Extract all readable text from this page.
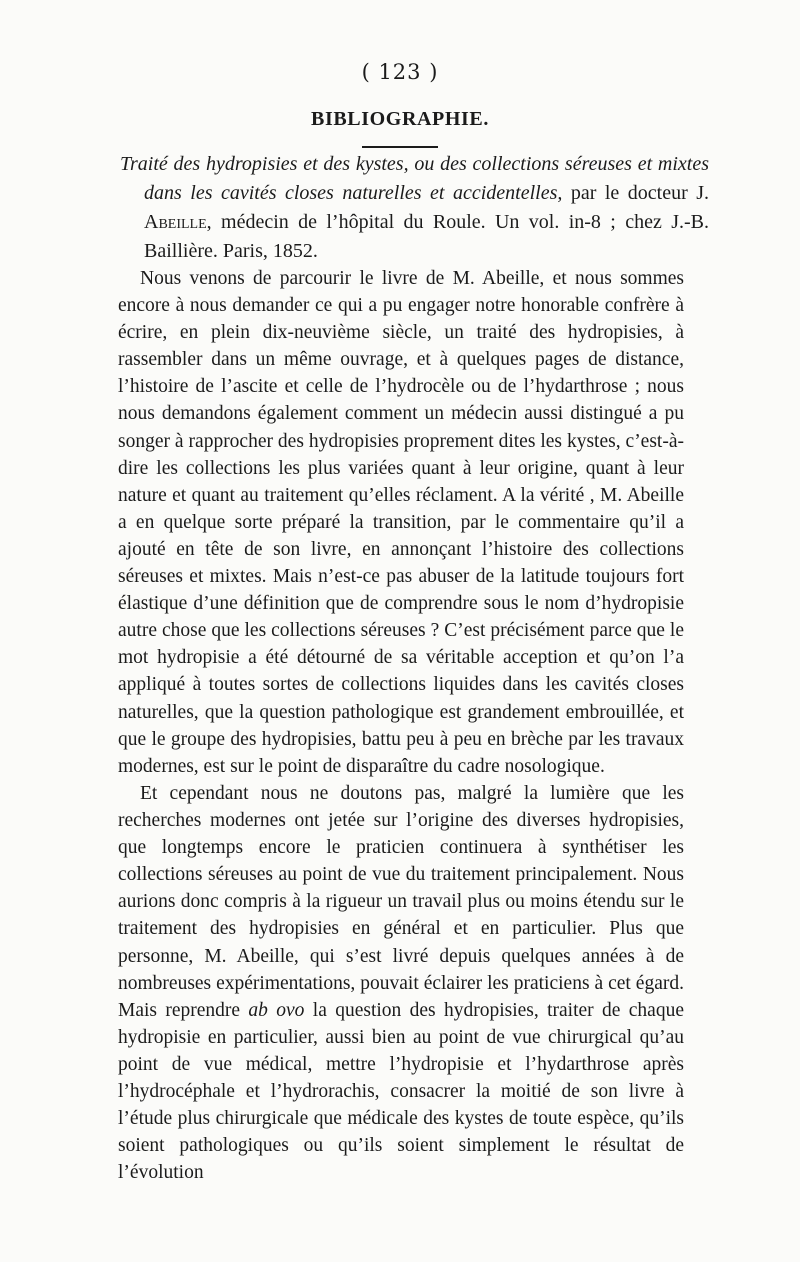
( 123 )
BIBLIOGRAPHIE.
Traité des hydropisies et des kystes, ou des collections séreuses et mixtes dans les cavités closes naturelles et accidentelles, par le docteur J. Abeille, médecin de l’hôpital du Roule. Un vol. in-8 ; chez J.-B. Baillière. Paris, 1852.

Nous venons de parcourir le livre de M. Abeille, et nous sommes encore à nous demander ce qui a pu engager notre honorable confrère à écrire, en plein dix-neuvième siècle, un traité des hydropisies, à rassembler dans un même ouvrage, et à quelques pages de distance, l’histoire de l’ascite et celle de l’hydrocèle ou de l’hydarthrose ; nous nous demandons également comment un médecin aussi distingué a pu songer à rapprocher des hydropisies proprement dites les kystes, c’est-à-dire les collections les plus variées quant à leur origine, quant à leur nature et quant au traitement qu’elles réclament. A la vérité , M. Abeille a en quelque sorte préparé la transition, par le commentaire qu’il a ajouté en tête de son livre, en annonçant l’histoire des collections séreuses et mixtes. Mais n’est-ce pas abuser de la latitude toujours fort élastique d’une définition que de comprendre sous le nom d’hydropisie autre chose que les collections séreuses ? C’est précisément parce que le mot hydropisie a été détourné de sa véritable acception et qu’on l’a appliqué à toutes sortes de collections liquides dans les cavités closes naturelles, que la question pathologique est grandement embrouillée, et que le groupe des hydropisies, battu peu à peu en brèche par les travaux modernes, est sur le point de disparaître du cadre nosologique.

Et cependant nous ne doutons pas, malgré la lumière que les recherches modernes ont jetée sur l’origine des diverses hydropisies, que longtemps encore le praticien continuera à synthétiser les collections séreuses au point de vue du traitement principalement. Nous aurions donc compris à la rigueur un travail plus ou moins étendu sur le traitement des hydropisies en général et en particulier. Plus que personne, M. Abeille, qui s’est livré depuis quelques années à de nombreuses expérimentations, pouvait éclairer les praticiens à cet égard. Mais reprendre ab ovo la question des hydropisies, traiter de chaque hydropisie en particulier, aussi bien au point de vue chirurgical qu’au point de vue médical, mettre l’hydropisie et l’hydarthrose après l’hydrocéphale et l’hydrorachis, consacrer la moitié de son livre à l’étude plus chirurgicale que médicale des kystes de toute espèce, qu’ils soient pathologiques ou qu’ils soient simplement le résultat de l’évolution
